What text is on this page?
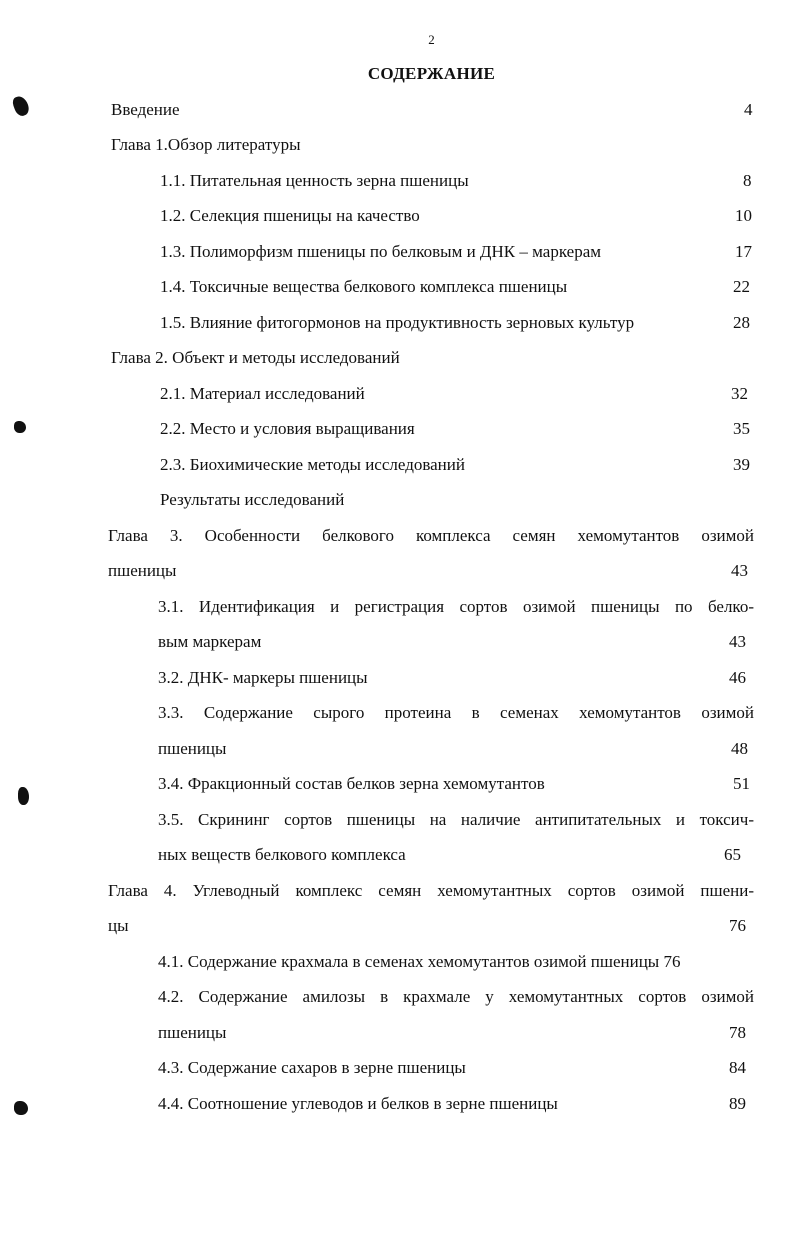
2
СОДЕРЖАНИЕ
Введение	4
Глава 1.Обзор литературы
1.1. Питательная ценность зерна пшеницы	8
1.2. Селекция пшеницы на качество	10
1.3. Полиморфизм пшеницы по белковым и ДНК – маркерам	17
1.4. Токсичные вещества белкового комплекса пшеницы	22
1.5. Влияние фитогормонов на продуктивность зерновых культур	28
Глава 2. Объект и методы исследований
2.1. Материал исследований	32
2.2. Место и условия выращивания	35
2.3. Биохимические методы исследований	39
Результаты исследований
Глава 3. Особенности белкового комплекса семян хемомутантов озимой
пшеницы	43
3.1. Идентификация и регистрация сортов озимой пшеницы по белко-
вым маркерам	43
3.2. ДНК- маркеры пшеницы	46
3.3. Содержание сырого протеина в семенах хемомутантов озимой
пшеницы	48
3.4. Фракционный состав белков зерна хемомутантов	51
3.5. Скрининг сортов пшеницы на наличие антипитательных и токсич-
ных веществ белкового комплекса	65
Глава 4. Углеводный комплекс семян хемомутантных сортов озимой пшени-
цы	76
4.1. Содержание крахмала в семенах хемомутантов озимой пшеницы 76
4.2. Содержание амилозы в крахмале у хемомутантных сортов озимой
пшеницы	78
4.3. Содержание сахаров в зерне пшеницы	84
4.4. Соотношение углеводов и белков в зерне пшеницы	89
